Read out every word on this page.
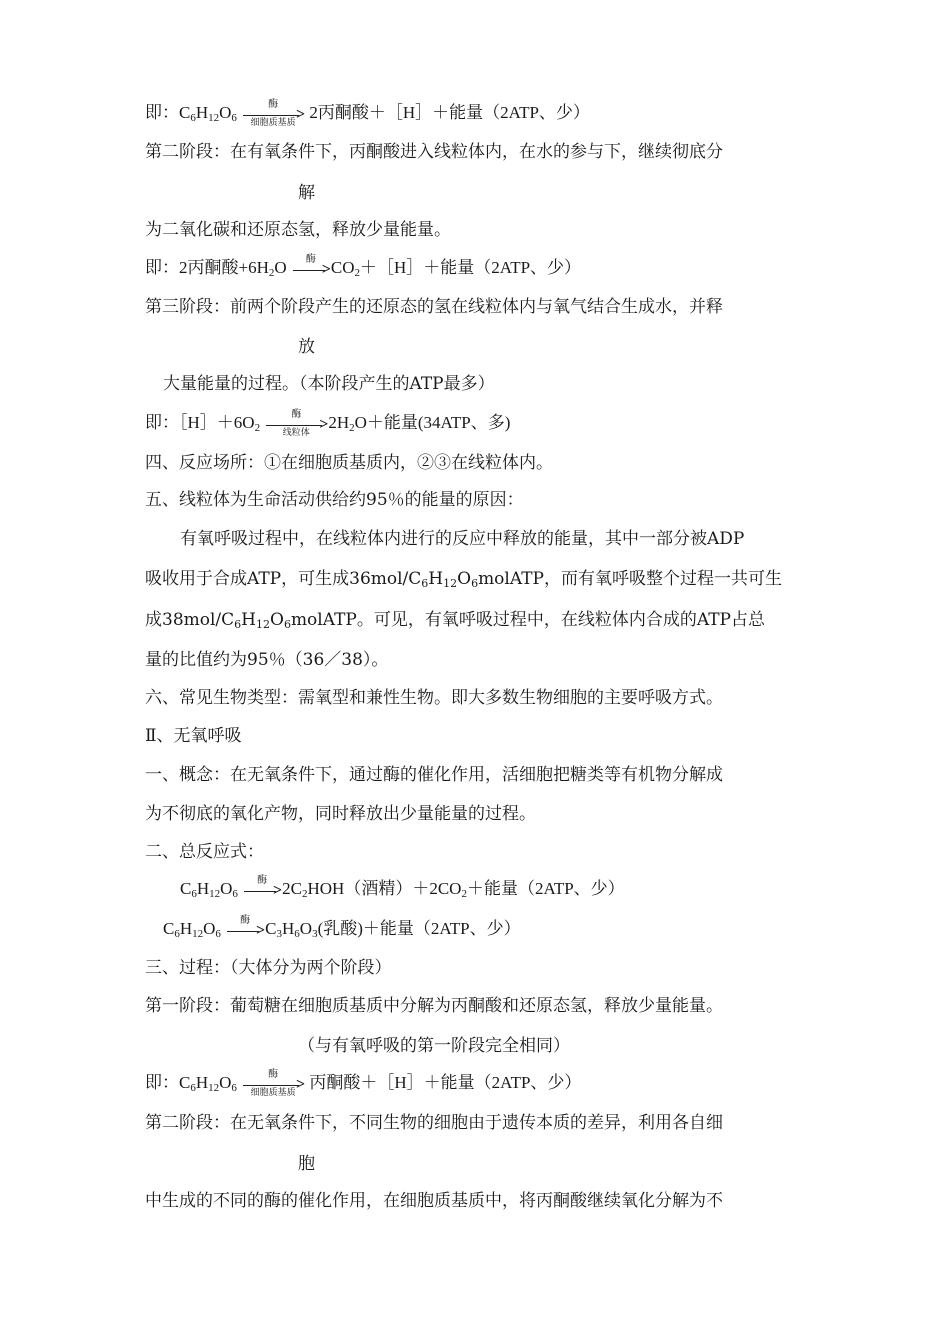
即：$C_6H_{12}O_6$
酶
>
细胞质基质
2丙酮酸＋［H］＋能量（2ATP、少）
第二阶段：在有氧条件下，丙酮酸进入线粒体内，在水的参与下，继续彻底分
解
为二氧化碳和还原态氢，释放少量能量。
即：2丙酮酸$+6H_2O$	酶
> $CO_2+[H]+$能量（2ATP、少）
第三阶段：前两个阶段产生的还原态的氢在线粒体内与氧气结合生成水，并释
放
大量能量的过程。（本阶段产生的ATP最多）
即：$[H]+6O_2$
酶
>
线粒体
$2H_2O+$能量(34ATP、多)
四、反应场所：①在细胞质基质内，②③在线粒体内。
五、线粒体为生命活动供给约95％的能量的原因：
有氧呼吸过程中，在线粒体内进行的反应中释放的能量，其中一部分被ADP
吸收用于合成ATP，可生成$36mol/C_6H_{12}O_6molATP$，而有氧呼吸整个过程一共可生
成$38mol/C_6H_{12}O_6molATP$。可见，有氧呼吸过程中，在线粒体内合成的ATP占总
量的比值约为95％（36／38）。
六、常见生物类型：需氧型和兼性生物。即大多数生物细胞的主要呼吸方式。
Ⅱ、无氧呼吸
一、概念：在无氧条件下，通过酶的催化作用，活细胞把糖类等有机物分解成
为不彻底的氧化产物，同时释放出少量能量的过程。
二、总反应式：
$C_6H_{12}O_6$
酶
> $2C_2HOH$（酒精）$+2CO_2+$能量（2ATP、少）
$C_6H_{12}O_6$
酶
> $C_3H_6O_3$(乳酸)＋能量（2ATP、少）
三、过程：（大体分为两个阶段）
第一阶段：葡萄糖在细胞质基质中分解为丙酮酸和还原态氢，释放少量能量。
（与有氧呼吸的第一阶段完全相同）
即：$C_6H_{12}O_6$
酶
>
细胞质基质
丙酮酸＋［H］＋能量（2ATP、少）
第二阶段：在无氧条件下，不同生物的细胞由于遗传本质的差异，利用各自细
胞
中生成的不同的酶的催化作用，在细胞质基质中，将丙酮酸继续氧化分解为不
